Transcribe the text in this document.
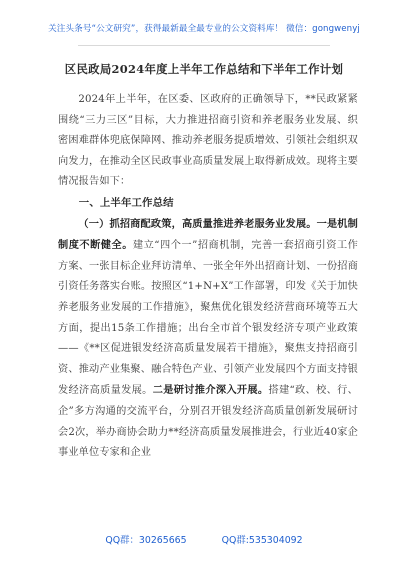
关注头条号“公文研究”，获得最新最全最专业的公文资料库！ 微信：gongwenyj
区民政局2024年度上半年工作总结和下半年工作计划

2024年上半年，在区委、区政府的正确领导下，**民政紧紧围绕“三力三区”目标，大力推进招商引资和养老服务业发展、织密困难群体兜底保障网、推动养老服务提质增效、引领社会组织双向发力，在推动全区民政事业高质量发展上取得新成效。现将主要情况报告如下：

一、上半年工作总结

（一）抓招商配政策，高质量推进养老服务业发展。一是机制制度不断健全。建立“四个一”招商机制，完善一套招商引资工作方案、一张目标企业拜访清单、一张全年外出招商计划、一份招商引资任务落实台账。按照区“1+N+X”工作部署，印发《关于加快养老服务业发展的工作措施》，聚焦优化银发经济营商环境等五大方面，提出15条工作措施；出台全市首个银发经济专项产业政策——《**区促进银发经济高质量发展若干措施》，聚焦支持招商引资、推动产业集聚、融合特色产业、引领产业发展四个方面支持银发经济高质量发展。二是研讨推介深入开展。搭建“政、校、行、企”多方沟通的交流平台，分别召开银发经济高质量创新发展研讨会2次，举办商协会助力**经济高质量发展推进会，行业近40家企事业单位专家和企业

QQ群：30265665	QQ群:535304092
